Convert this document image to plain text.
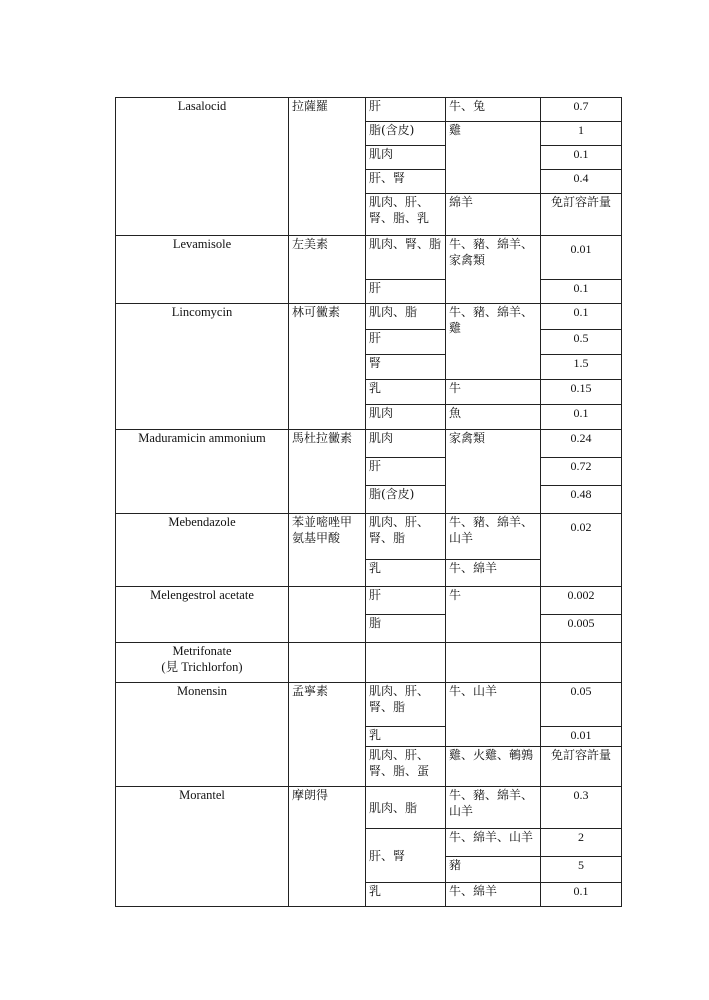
Lasalocid	拉薩羅	肝	牛、兔	0.7
		脂(含皮)	雞	1
		肌肉		0.1
		肝、腎		0.4
		肌肉、肝、腎、脂、乳	綿羊	免訂容許量
Levamisole	左美素	肌肉、腎、脂	牛、豬、綿羊、家禽類	0.01
		肝		0.1
Lincomycin	林可黴素	肌肉、脂	牛、豬、綿羊、雞	0.1
		肝		0.5
		腎		1.5
		乳	牛	0.15
		肌肉	魚	0.1
Maduramicin ammonium	馬杜拉黴素	肌肉	家禽類	0.24
		肝		0.72
		脂(含皮)		0.48
Mebendazole	苯並嘧唑甲氨基甲酸	肌肉、肝、腎、脂	牛、豬、綿羊、山羊	0.02
		乳	牛、綿羊	
Melengestrol acetate		肝	牛	0.002
		脂		0.005

Metrifonate
(見 Trichlorfon)				

Monensin	孟寧素	肌肉、肝、腎、脂	牛、山羊	0.05
		乳		0.01
		肌肉、肝、腎、脂、蛋	雞、火雞、鵪鶉	免訂容許量
Morantel	摩朗得	肌肉、脂	牛、豬、綿羊、山羊	0.3
		肝、腎	牛、綿羊、山羊	2
			豬	5
		乳	牛、綿羊	0.1
